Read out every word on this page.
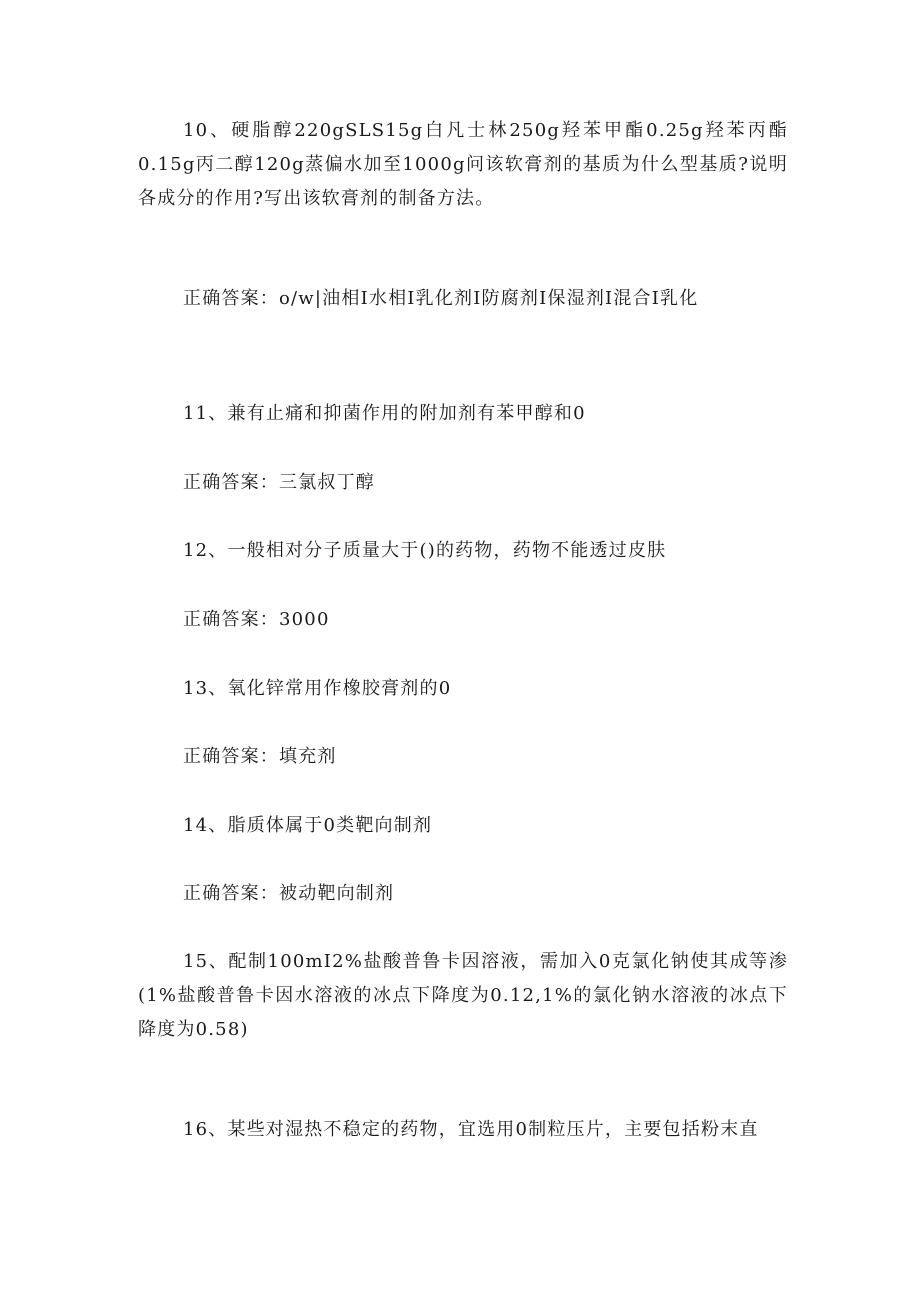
10、硬脂醇220gSLS15g白凡士林250g羟苯甲酯0.25g羟苯丙酯0.15g丙二醇120g蒸偏水加至1000g问该软膏剂的基质为什么型基质?说明各成分的作用?写出该软膏剂的制备方法。

正确答案：o/w|油相I水相I乳化剂I防腐剂I保湿剂I混合I乳化

11、兼有止痛和抑菌作用的附加剂有苯甲醇和0

正确答案：三氯叔丁醇

12、一般相对分子质量大于()的药物，药物不能透过皮肤

正确答案：3000

13、氧化锌常用作橡胶膏剂的0

正确答案：填充剂

14、脂质体属于0类靶向制剂

正确答案：被动靶向制剂

15、配制100mI2%盐酸普鲁卡因溶液，需加入0克氯化钠使其成等渗(1%盐酸普鲁卡因水溶液的冰点下降度为0.12,1%的氯化钠水溶液的冰点下降度为0.58)

16、某些对湿热不稳定的药物，宜选用0制粒压片，主要包括粉末直
